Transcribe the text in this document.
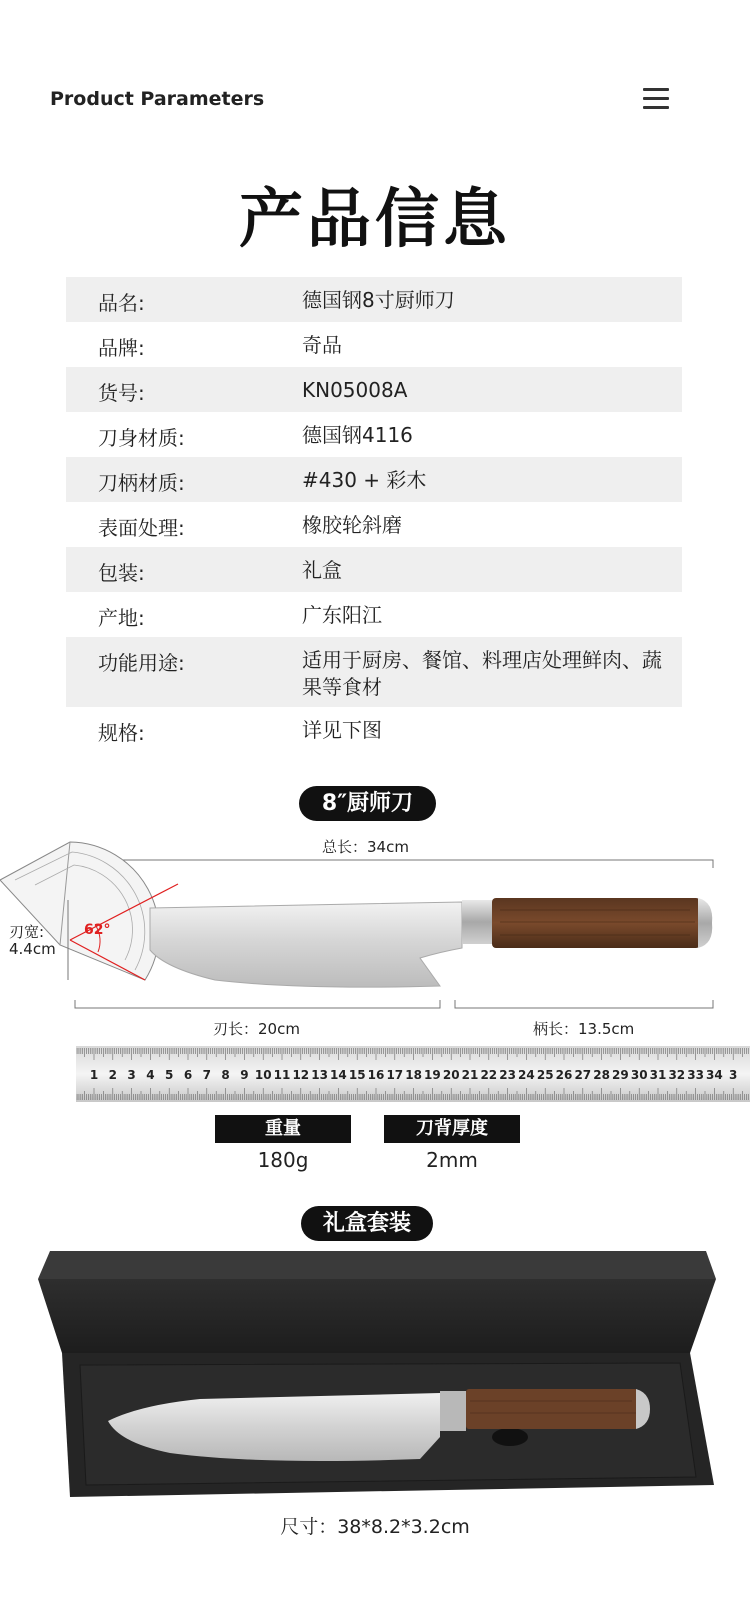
Product Parameters
产品信息
品名:	德国钢8寸厨师刀
品牌:	奇品
货号:	KN05008A
刀身材质:	德国钢4116
刀柄材质:	#430 + 彩木
表面处理:	橡胶轮斜磨
包装:	礼盒
产地:	广东阳江
功能用途:	适用于厨房、餐馆、料理店处理鲜肉、蔬果等食材
规格:	详见下图
8″厨师刀
总长：34cm
62°
刃宽:
4.4cm
刃长：20cm	柄长：13.5cm
1 2 3 4 5 6 7 8 9 10 11 12 13 14 15 16 17 18 19 20 21 22 23 24 25 26 27 28 29 30 31 32 33 34 3
重量
180g
刀背厚度
2mm
礼盒套装
尺寸：38*8.2*3.2cm
